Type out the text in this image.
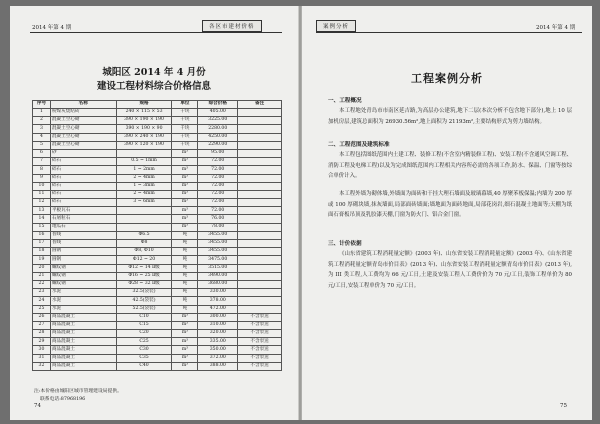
2014 年第 4 期	各区市建材价格
城阳区 2014 年 4 月份
建设工程材料综合价格信息
序号	名称	规格	单位	综合价格	备注
1	粉煤灰烧结砖	240 × 115 × 53	千块	405.00	
2	混凝土空心砌	390 × 190 × 190	千块	3225.00	
3	混凝土空心砌	390 × 190 × 90	千块	2280.00	
4	混凝土空心砌	390 × 240 × 190	千块	4250.00	
5	混凝土空心砌	390 × 120 × 190	千块	2290.00	
6	砂		m³	95.00	
7	碎石	0.5 ~ 1mm	m³	72.00	
8	碎石	1 ~ 2mm	m³	72.00	
9	碎石	2 ~ 4mm	m³	72.00	
10	碎石	1 ~ 3mm	m³	72.00	
11	碎石	2 ~ 4mm	m³	72.00	
12	碎石	3 ~ 6mm	m³	72.00	
13	平板瓦石		m³	72.00	
14	石屑粒石		m³	76.00	
15	地瓜石		m³	78.00	
16	普线	Φ6.5	吨	3455.00	
17	普线	Φ8	吨	3455.00	
18	圆钢	Φ8, Φ10	吨	3455.00	
19	圆钢	Φ12 ~ 20	吨	3475.00	
20	螺纹钢	Φ12 ~ 14 Ⅱ级	吨	3515.00	
21	螺纹钢	Φ16 ~ 25 Ⅱ级	吨	3490.00	
22	螺纹钢	Φ28 ~ 32 Ⅱ级	吨	3680.00	
23	水泥	32.5(袋装)	吨	330.00	
24	水泥	42.5(袋装)	吨	378.00	
25	水泥	52.5(袋装)	吨	472.00	
26	商品混凝土	C10	m³	300.00	不含泵送
27	商品混凝土	C15	m³	310.00	不含泵送
28	商品混凝土	C20	m³	320.00	不含泵送
29	商品混凝土	C25	m³	335.00	不含泵送
30	商品混凝土	C30	m³	350.00	不含泵送
31	商品混凝土	C35	m³	372.00	不含泵送
32	商品混凝土	C40	m³	388.00	不含泵送
注:本价格由城阳区城市管理建设局提供。
联系电话:87968196
74
案例分析	2014 年第 4 期
工程案例分析
一、工程概况
本工程地处青岛市市南区延吉路,为高层办公建筑,地下二层(本次分析不包含地下部分),地上 10 层加机房层,建筑总面积为 26930.56m²,地上面积为 21193m²,主要结构形式为剪力墙结构。
二、工程范围及建筑标准
本工程包括图纸范围内土建工程、装修工程(不含室内精装修工程)、安装工程(不含通风空调工程、消防工程及电梯工程)以及为完成图纸范围内工程相关内容所必需的各项工作,防水、保温、门窗等按综合单价计入。
本工程外墙为砌体墙,外墙面为面砖和干挂大理石墙面及玻璃幕墙,40 厚聚苯板保温;内墙为 200 厚或 100 厚砌块墙,抹灰墙面,局部面砖墙面;墙地面为面砖地面,局部花岗岩,细石混凝土地面等;天棚为纸面石膏板吊顶及乳胶漆天棚,门窗为防火门、铝合金门窗。
三、计价依据
《山东省建筑工程消耗量定额》(2003 年)、山东省安装工程消耗量定额》(2003 年)、《山东省建筑工程消耗量定额青岛市价目表》(2013 年)、山东省安装工程消耗量定额青岛市价目表》(2013 年),为 III 类工程,人工费均为 66 元/工日,土建及安装工程人工费价价为 70 元/工日,装饰工程单价为 80 元/工日,安装工程单价为 70 元/工日。
75
